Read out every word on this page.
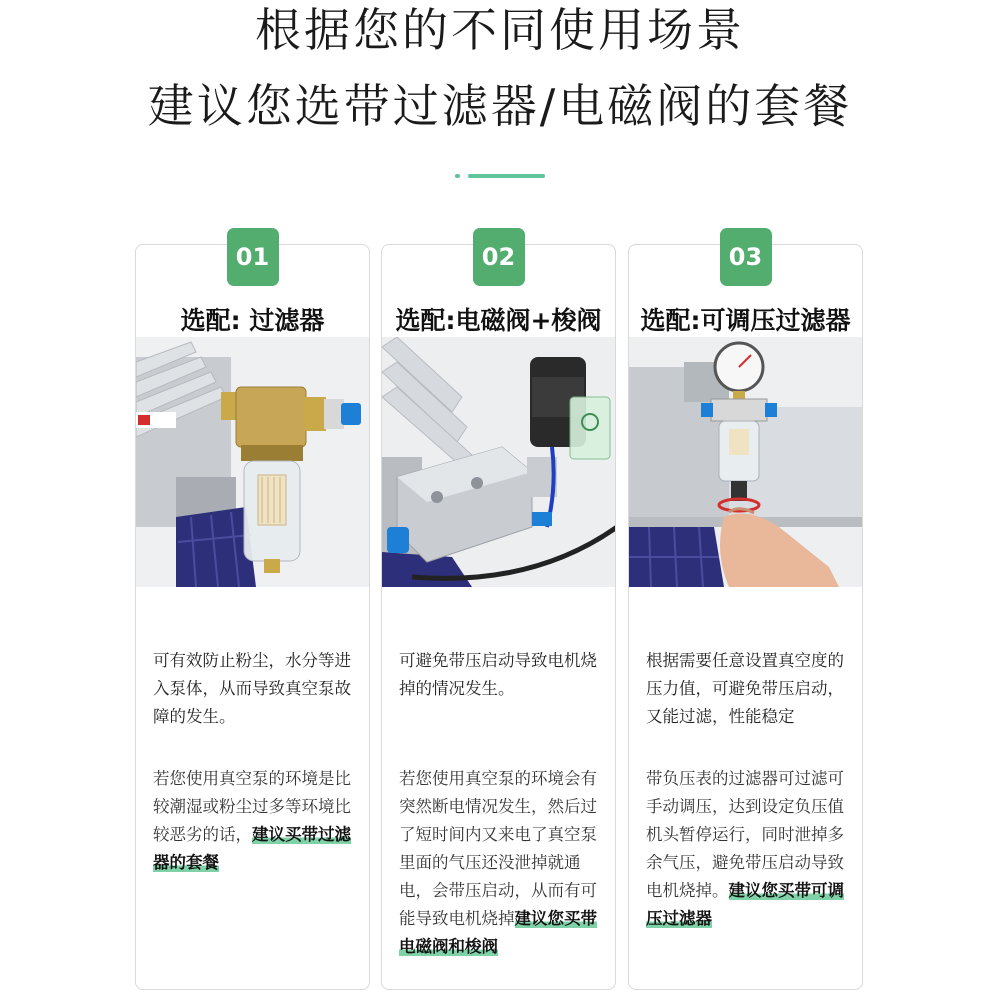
根据您的不同使用场景
建议您选带过滤器/电磁阀的套餐
01
选配: 过滤器
可有效防止粉尘，水分等进入泵体，从而导致真空泵故障的发生。
若您使用真空泵的环境是比较潮湿或粉尘过多等环境比较恶劣的话，建议买带过滤器的套餐
02
选配:电磁阀+梭阀
可避免带压启动导致电机烧掉的情况发生。
若您使用真空泵的环境会有突然断电情况发生，然后过了短时间内又来电了真空泵里面的气压还没泄掉就通电，会带压启动，从而有可能导致电机烧掉建议您买带电磁阀和梭阀
03
选配:可调压过滤器
根据需要任意设置真空度的压力值，可避免带压启动，又能过滤，性能稳定
带负压表的过滤器可过滤可手动调压，达到设定负压值机头暂停运行，同时泄掉多余气压，避免带压启动导致电机烧掉。建议您买带可调压过滤器
